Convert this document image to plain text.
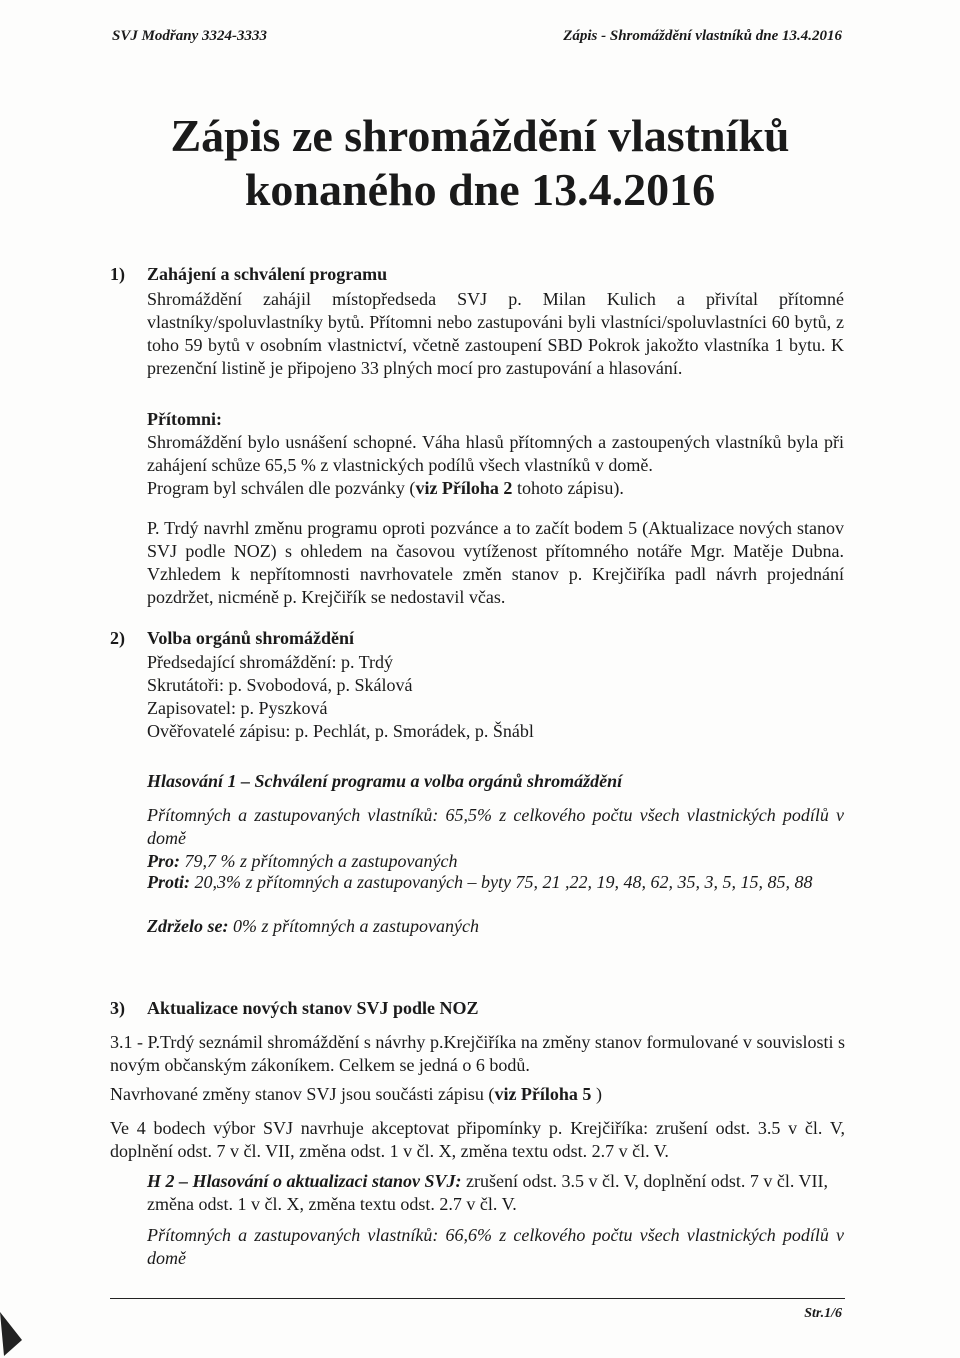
SVJ Modřany 3324-3333	Zápis - Shromáždění vlastníků dne 13.4.2016
Zápis ze shromáždění vlastníků
konaného dne 13.4.2016
1) Zahájení a schválení programu
Shromáždění zahájil místopředseda SVJ p. Milan Kulich a přivítal přítomné vlastníky/spoluvlastníky bytů. Přítomni nebo zastupováni byli vlastníci/spoluvlastníci 60 bytů, z toho 59 bytů v osobním vlastnictví, včetně zastoupení SBD Pokrok jakožto vlastníka 1 bytu. K prezenční listině je připojeno 33 plných mocí pro zastupování a hlasování.
Přítomni:
Shromáždění bylo usnášení schopné. Váha hlasů přítomných a zastoupených vlastníků byla při zahájení schůze 65,5 % z vlastnických podílů všech vlastníků v domě.
Program byl schválen dle pozvánky (viz Příloha 2 tohoto zápisu).
P. Trdý navrhl změnu programu oproti pozvánce a to začít bodem 5 (Aktualizace nových stanov SVJ podle NOZ) s ohledem na časovou vytíženost přítomného notáře Mgr. Matěje Dubna. Vzhledem k nepřítomnosti navrhovatele změn stanov p. Krejčiříka padl návrh projednání pozdržet, nicméně p. Krejčiřík se nedostavil včas.
2) Volba orgánů shromáždění

Předsedající shromáždění: p. Trdý

Skrutátoři: p. Svobodová, p. Skálová

Zapisovatel: p. Pyszková

Ověřovatelé zápisu: p. Pechlát, p. Smorádek, p. Šnábl

Hlasování 1 – Schválení programu a volba orgánů shromáždění
Přítomných a zastupovaných vlastníků: 65,5% z celkového počtu všech vlastnických podílů v domě
Pro: 79,7 % z přítomných a zastupovaných
Proti: 20,3% z přítomných a zastupovaných – byty 75, 21 ,22, 19, 48, 62, 35, 3, 5, 15, 85, 88
Zdrželo se: 0% z přítomných a zastupovaných
3) Aktualizace nových stanov SVJ podle NOZ
3.1 - P.Trdý seznámil shromáždění s návrhy p.Krejčiříka na změny stanov formulované v souvislosti s novým občanským zákoníkem. Celkem se jedná o 6 bodů.
Navrhované změny stanov SVJ jsou součásti zápisu (viz Příloha 5 )
Ve 4 bodech výbor SVJ navrhuje akceptovat připomínky p. Krejčiříka: zrušení odst. 3.5 v čl. V, doplnění odst. 7 v čl. VII, změna odst. 1 v čl. X, změna textu odst. 2.7 v čl. V.
H 2 – Hlasování o aktualizaci stanov SVJ: zrušení odst. 3.5 v čl. V, doplnění odst. 7 v čl. VII, změna odst. 1 v čl. X, změna textu odst. 2.7 v čl. V.
Přítomných a zastupovaných vlastníků: 66,6% z celkového počtu všech vlastnických podílů v domě
Str.1/6
